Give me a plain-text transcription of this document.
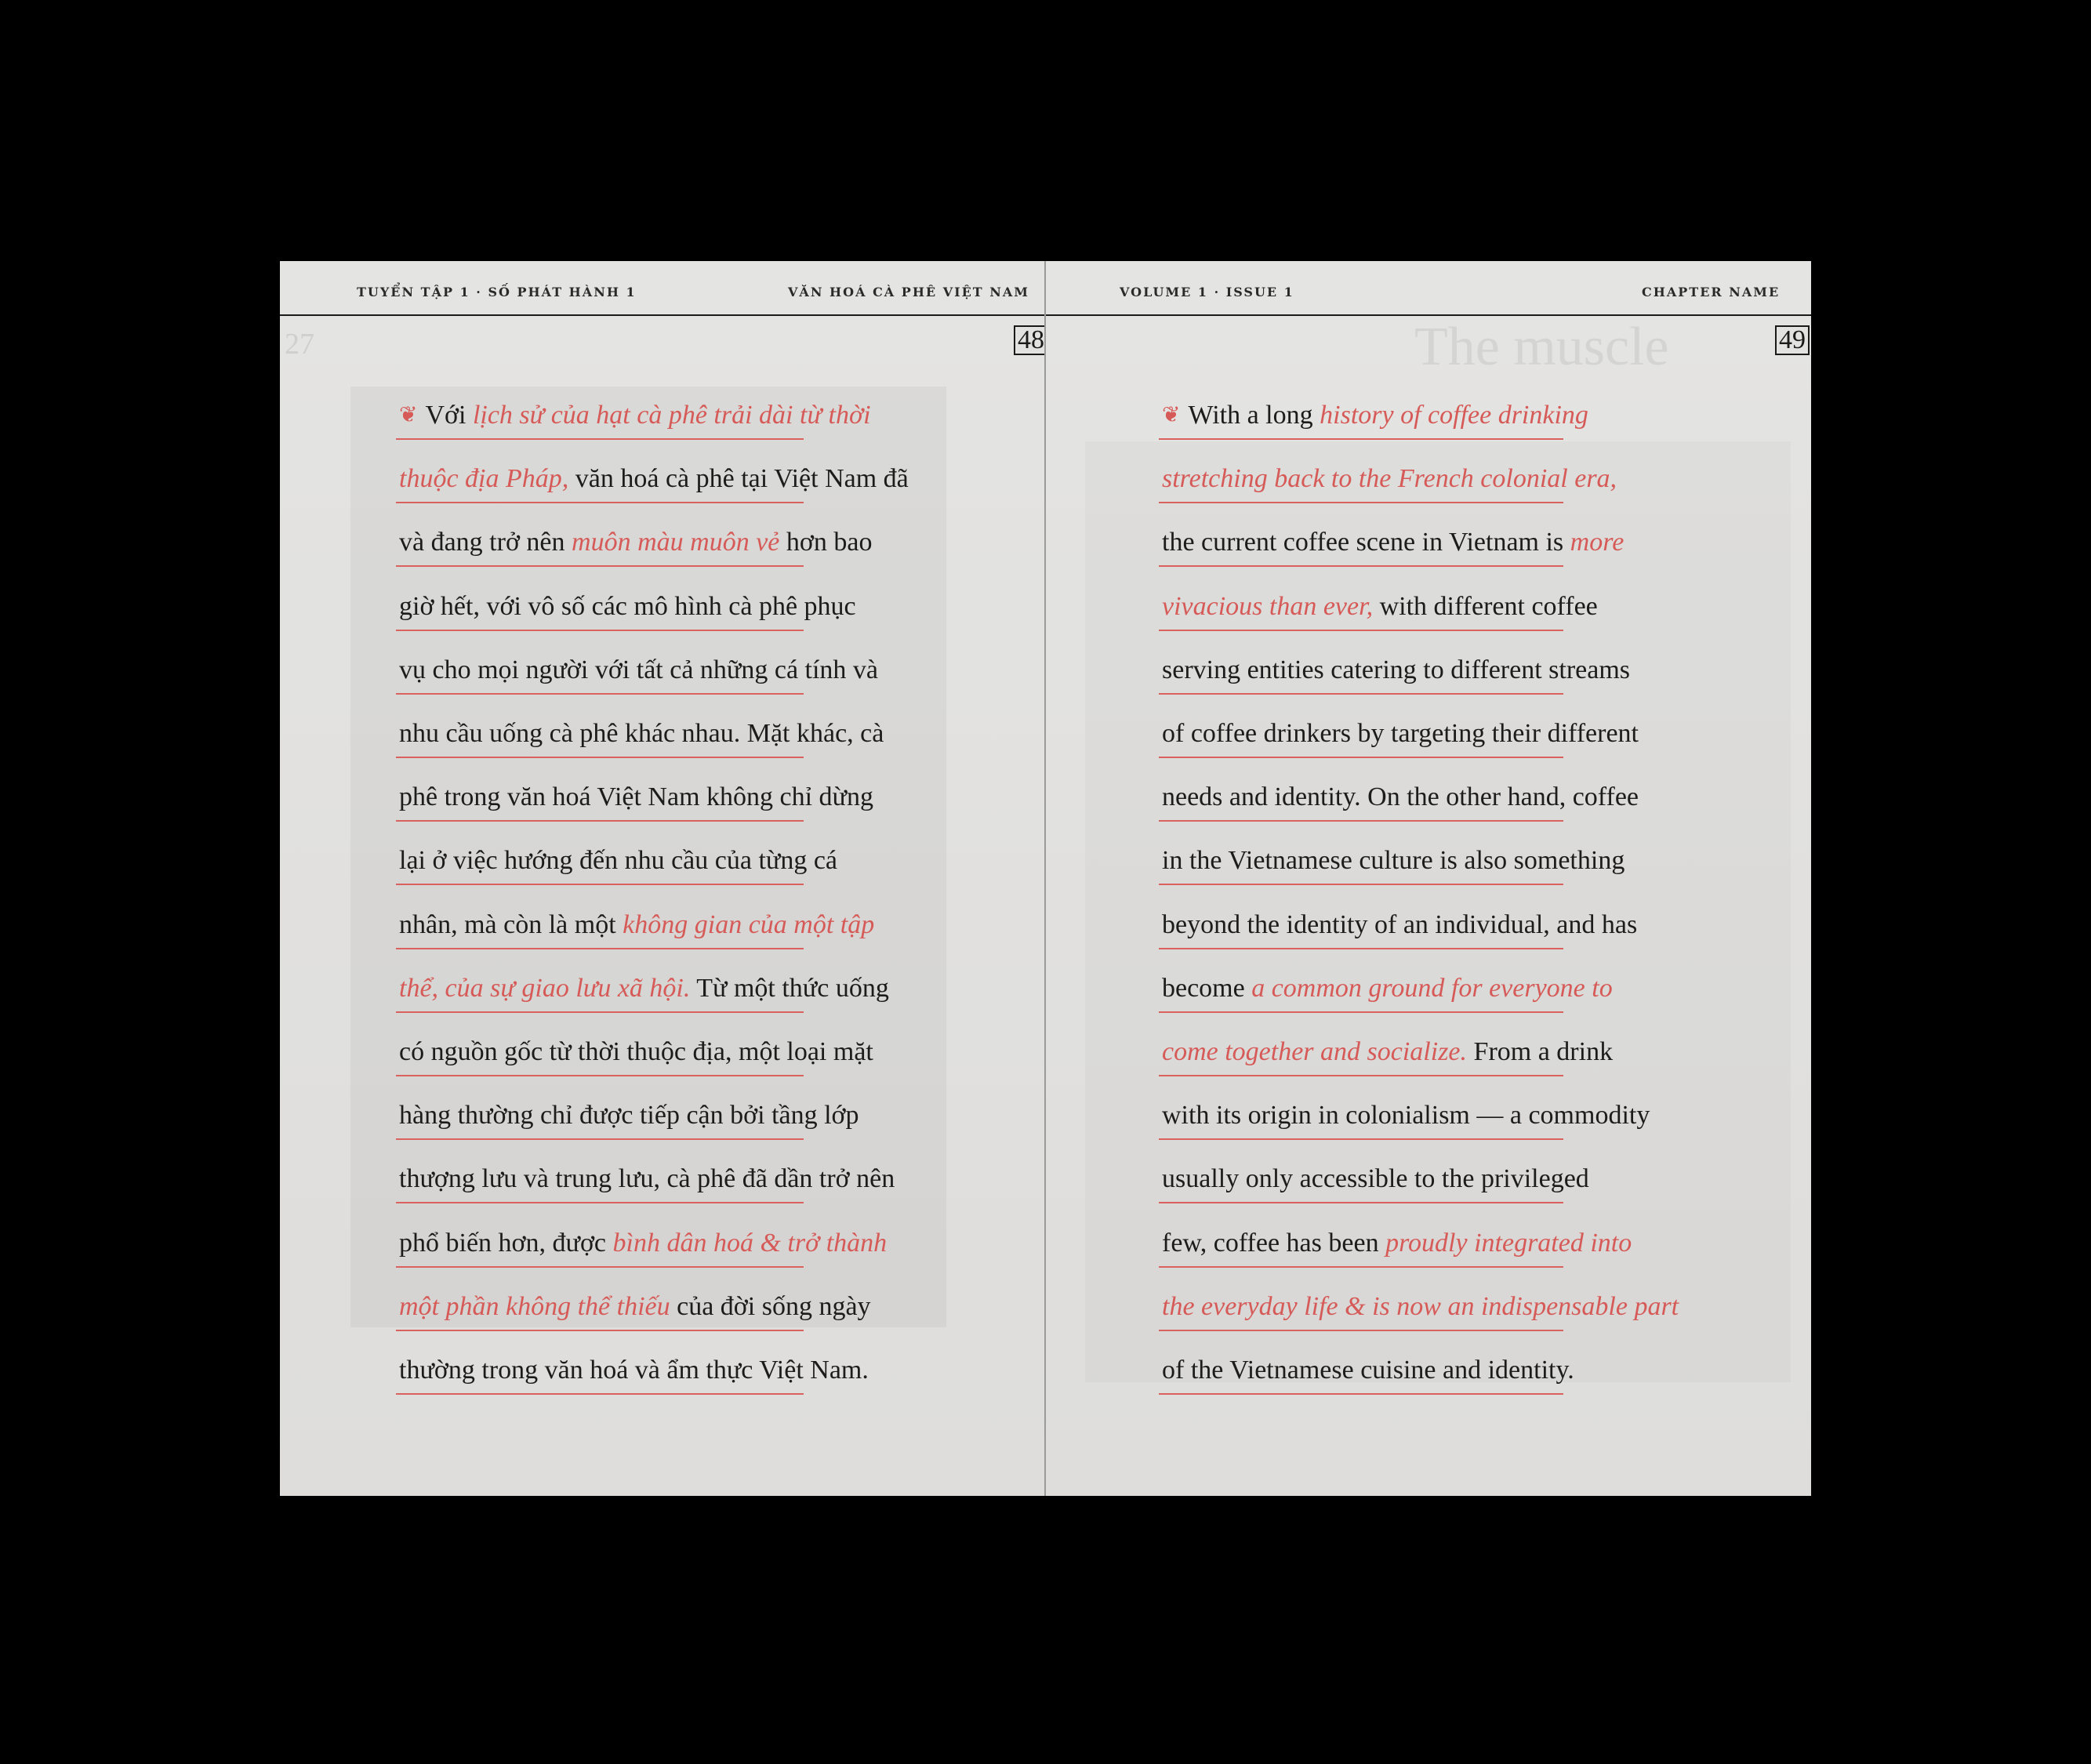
27
TUYỂN TẬP 1 · SỐ PHÁT HÀNH 1	VĂN HOÁ CÀ PHÊ VIỆT NAM
48
❦ Với lịch sử của hạt cà phê trải dài từ thời
thuộc địa Pháp, văn hoá cà phê tại Việt Nam đã
và đang trở nên muôn màu muôn vẻ hơn bao
giờ hết, với vô số các mô hình cà phê phục
vụ cho mọi người với tất cả những cá tính và
nhu cầu uống cà phê khác nhau. Mặt khác, cà
phê trong văn hoá Việt Nam không chỉ dừng
lại ở việc hướng đến nhu cầu của từng cá
nhân, mà còn là một không gian của một tập
thể, của sự giao lưu xã hội. Từ một thức uống
có nguồn gốc từ thời thuộc địa, một loại mặt
hàng thường chỉ được tiếp cận bởi tầng lớp
thượng lưu và trung lưu, cà phê đã dần trở nên
phổ biến hơn, được bình dân hoá & trở thành
một phần không thể thiếu của đời sống ngày
thường trong văn hoá và ẩm thực Việt Nam.
The muscle
VOLUME 1 · ISSUE 1	CHAPTER NAME
49
❦ With a long history of coffee drinking
stretching back to the French colonial era,
the current coffee scene in Vietnam is more
vivacious than ever, with different coffee
serving entities catering to different streams
of coffee drinkers by targeting their different
needs and identity. On the other hand, coffee
in the Vietnamese culture is also something
beyond the identity of an individual, and has
become a common ground for everyone to
come together and socialize. From a drink
with its origin in colonialism — a commodity
usually only accessible to the privileged
few, coffee has been proudly integrated into
the everyday life & is now an indispensable part
of the Vietnamese cuisine and identity.
